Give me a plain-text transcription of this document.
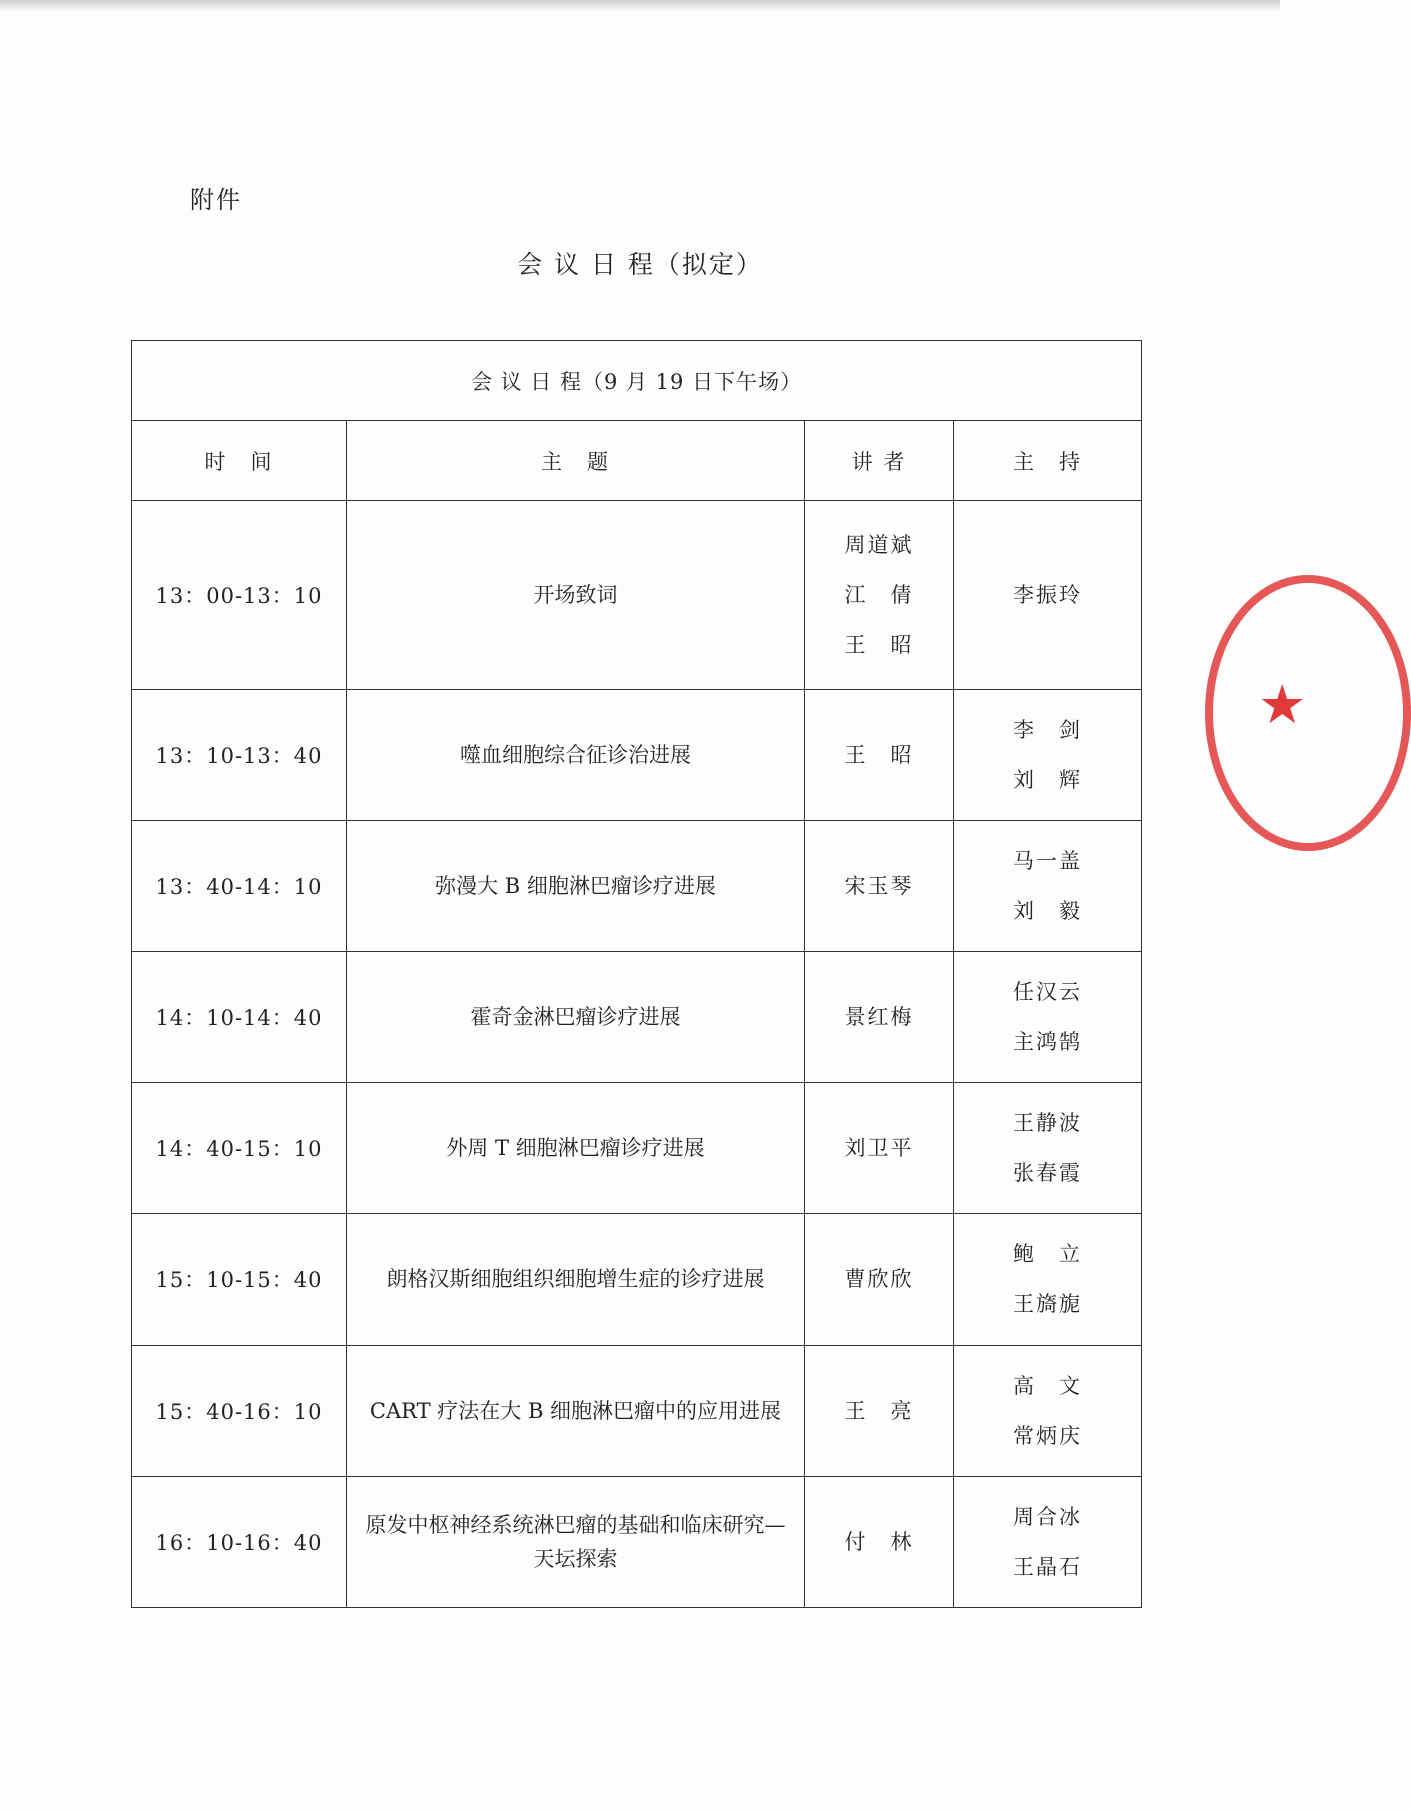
附件
会 议 日 程（拟定）
会 议 日 程（9 月 19 日下午场）			
时　间	主　题	讲 者	主　持
13：00-13：10	开场致词	周道斌
江　倩
王　昭	李振玲

13：10-13：40	噬血细胞综合征诊治进展	王　昭	李　剑
刘　辉

13：40-14：10	弥漫大 B 细胞淋巴瘤诊疗进展	宋玉琴	马一盖
刘　毅

14：10-14：40	霍奇金淋巴瘤诊疗进展	景红梅	任汉云
主鸿鹄

14：40-15：10	外周 T 细胞淋巴瘤诊疗进展	刘卫平	王静波
张春霞

15：10-15：40	朗格汉斯细胞组织细胞增生症的诊疗进展	曹欣欣	鲍　立
王旖旎

15：40-16：10	CART 疗法在大 B 细胞淋巴瘤中的应用进展	王　亮	高　文
常炳庆

16：10-16：40	原发中枢神经系统淋巴瘤的基础和临床研究—天坛探索	付　林	周合冰
王晶石
★
